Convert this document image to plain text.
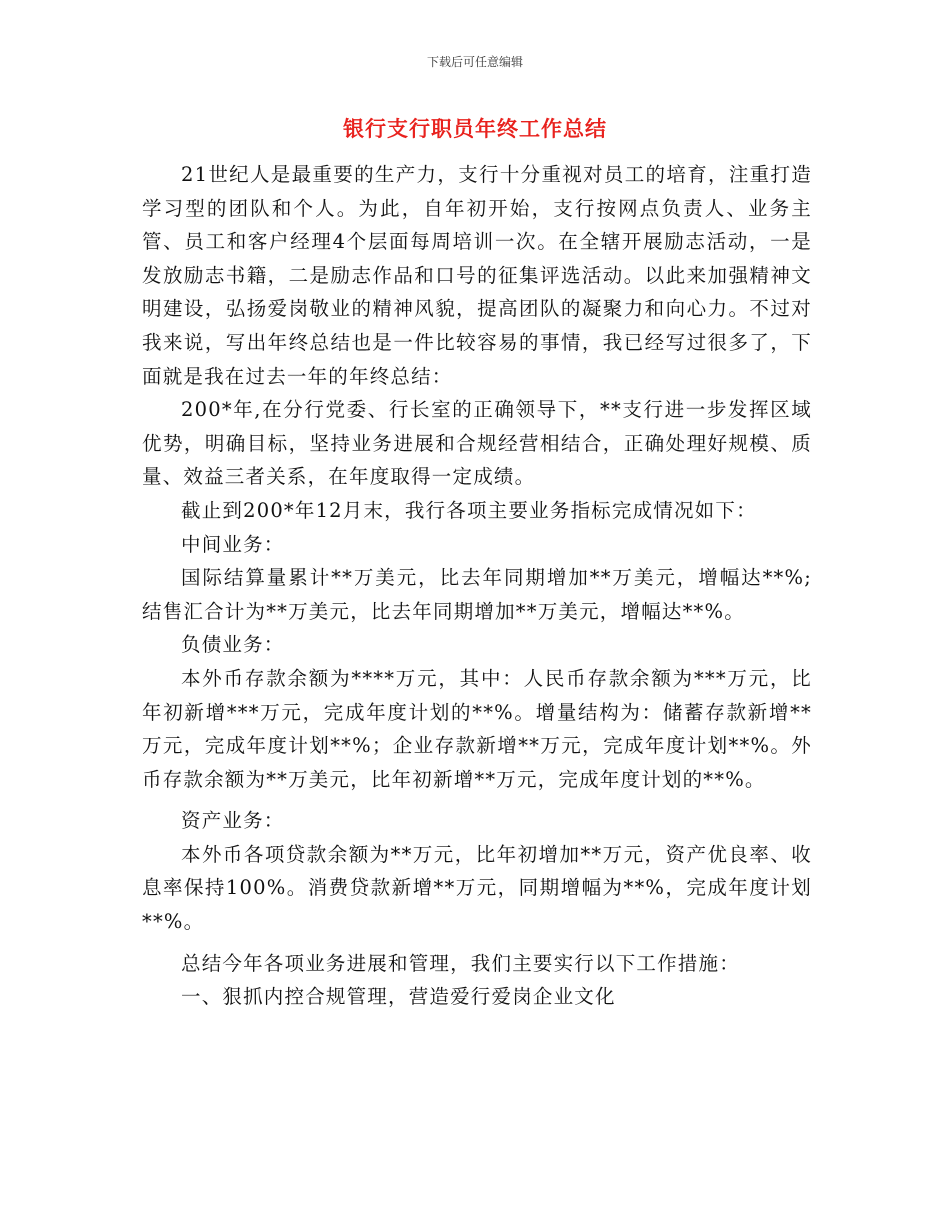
下载后可任意编辑
银行支行职员年终工作总结

21世纪人是最重要的生产力，支行十分重视对员工的培育，注重打造学习型的团队和个人。为此，自年初开始，支行按网点负责人、业务主管、员工和客户经理4个层面每周培训一次。在全辖开展励志活动，一是发放励志书籍，二是励志作品和口号的征集评选活动。以此来加强精神文明建设，弘扬爱岗敬业的精神风貌，提高团队的凝聚力和向心力。不过对我来说，写出年终总结也是一件比较容易的事情，我已经写过很多了，下面就是我在过去一年的年终总结：

200*年,在分行党委、行长室的正确领导下，**支行进一步发挥区域优势，明确目标，坚持业务进展和合规经营相结合，正确处理好规模、质量、效益三者关系，在年度取得一定成绩。

截止到200*年12月末，我行各项主要业务指标完成情况如下：

中间业务：

国际结算量累计**万美元，比去年同期增加**万美元，增幅达**%;结售汇合计为**万美元，比去年同期增加**万美元，增幅达**%。

负债业务：

本外币存款余额为****万元，其中：人民币存款余额为***万元，比年初新增***万元，完成年度计划的**%。增量结构为：储蓄存款新增**万元，完成年度计划**%；企业存款新增**万元，完成年度计划**%。外币存款余额为**万美元，比年初新增**万元，完成年度计划的**%。

资产业务：

本外币各项贷款余额为**万元，比年初增加**万元，资产优良率、收息率保持100%。消费贷款新增**万元，同期增幅为**%，完成年度计划**%。

总结今年各项业务进展和管理，我们主要实行以下工作措施：

一、狠抓内控合规管理，营造爱行爱岗企业文化
